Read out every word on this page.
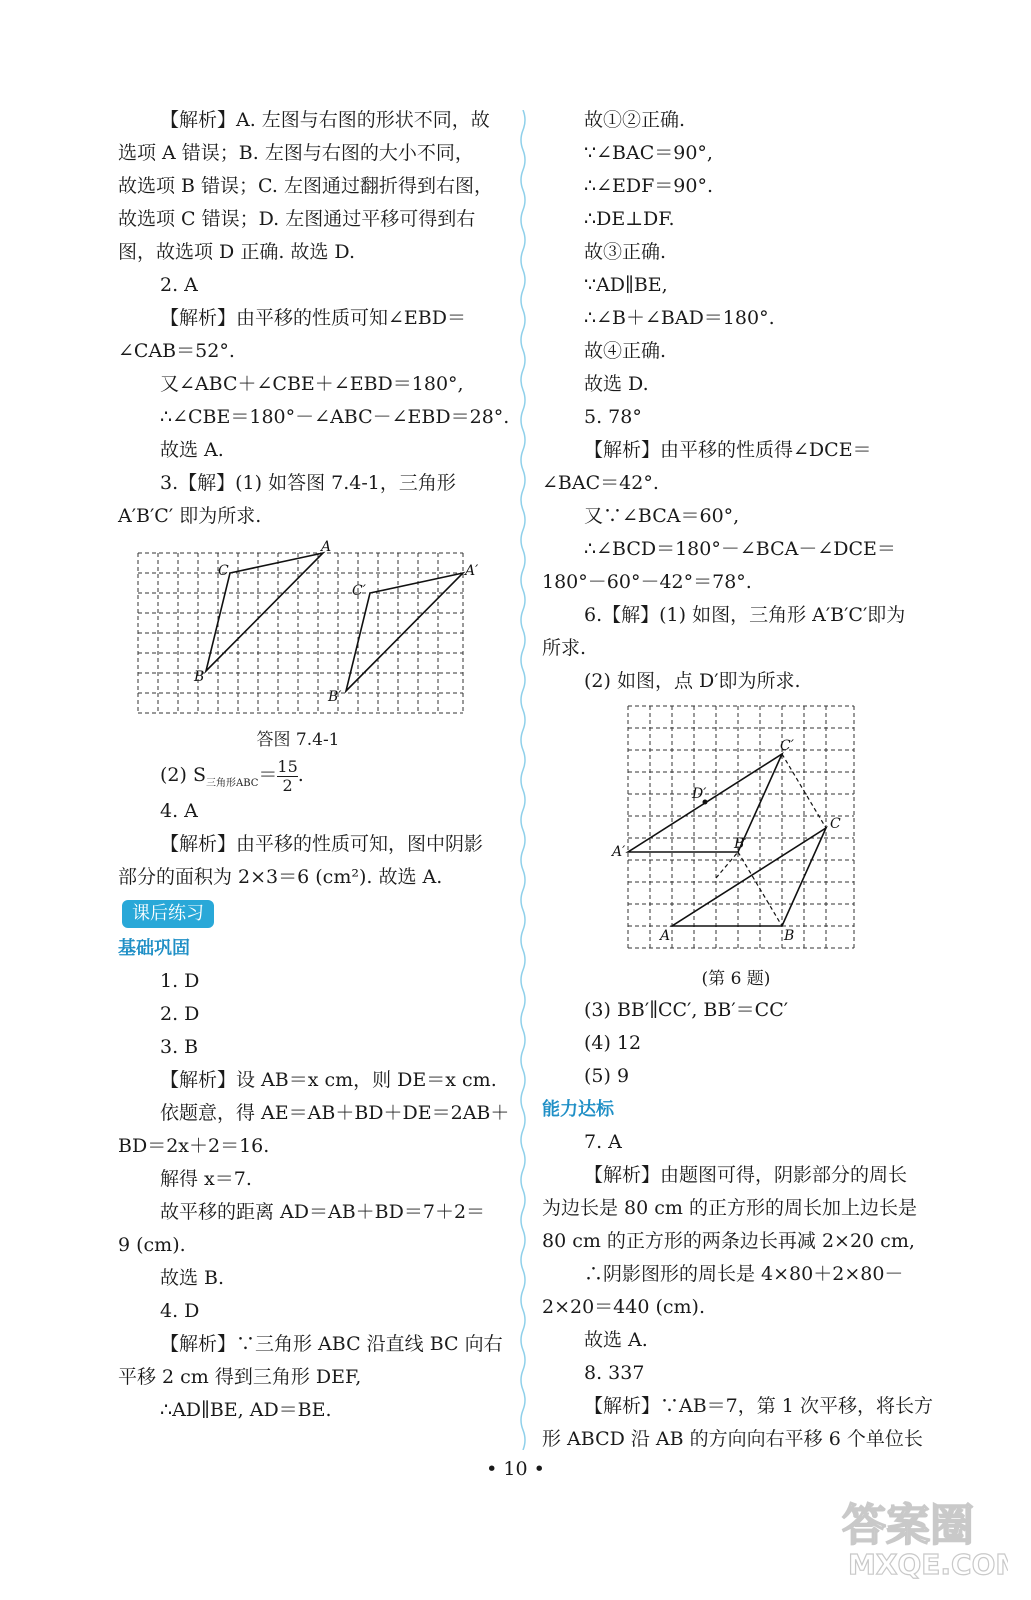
【解析】A. 左图与右图的形状不同，故
选项 A 错误；B. 左图与右图的大小不同，
故选项 B 错误；C. 左图通过翻折得到右图，
故选项 C 错误；D. 左图通过平移可得到右
图，故选项 D 正确. 故选 D.
2. A
【解析】由平移的性质可知∠EBD＝
∠CAB＝52°.
又∠ABC＋∠CBE＋∠EBD＝180°,
∴∠CBE＝180°－∠ABC－∠EBD＝28°.
故选 A.
3.【解】(1) 如答图 7.4-1，三角形
A′B′C′ 即为所求.
A
C
B
A′
C′
B′
答图 7.4-1
(2) $S_{三角形ABC}= \frac{15}{2}$ .
4. A
【解析】由平移的性质可知，图中阴影
部分的面积为 2×3＝6 (cm²). 故选 A.
课后练习
基础巩固
1. D
2. D
3. B
【解析】设 AB＝x cm，则 DE＝x cm.
依题意，得 AE＝AB＋BD＋DE＝2AB＋
BD＝2x＋2＝16.
解得 x＝7.
故平移的距离 AD＝AB＋BD＝7＋2＝
9 (cm).
故选 B.
4. D
【解析】∵三角形 ABC 沿直线 BC 向右
平移 2 cm 得到三角形 DEF,
∴AD∥BE, AD＝BE.
故①②正确.
∵∠BAC＝90°,
∴∠EDF＝90°.
∴DE⊥DF.
故③正确.
∵AD∥BE,
∴∠B＋∠BAD＝180°.
故④正确.
故选 D.
5. 78°
【解析】由平移的性质得∠DCE＝
∠BAC＝42°.
又∵∠BCA＝60°,
∴∠BCD＝180°－∠BCA－∠DCE＝
180°－60°－42°＝78°.
6.【解】(1) 如图，三角形 A′B′C′即为
所求.
(2) 如图，点 D′即为所求.
A	B
C
A′	B′
C′
D′
(第 6 题)
(3) BB′∥CC′, BB′＝CC′
(4) 12
(5) 9
能力达标
7. A
【解析】由题图可得，阴影部分的周长
为边长是 80 cm 的正方形的周长加上边长是
80 cm 的正方形的两条边长再减 2×20 cm,
∴阴影图形的周长是 4×80＋2×80－
2×20＝440 (cm).
故选 A.
8. 337
【解析】∵AB＝7，第 1 次平移，将长方
形 ABCD 沿 AB 的方向向右平移 6 个单位长
• 10 •
答案圈
MXQE.COM
